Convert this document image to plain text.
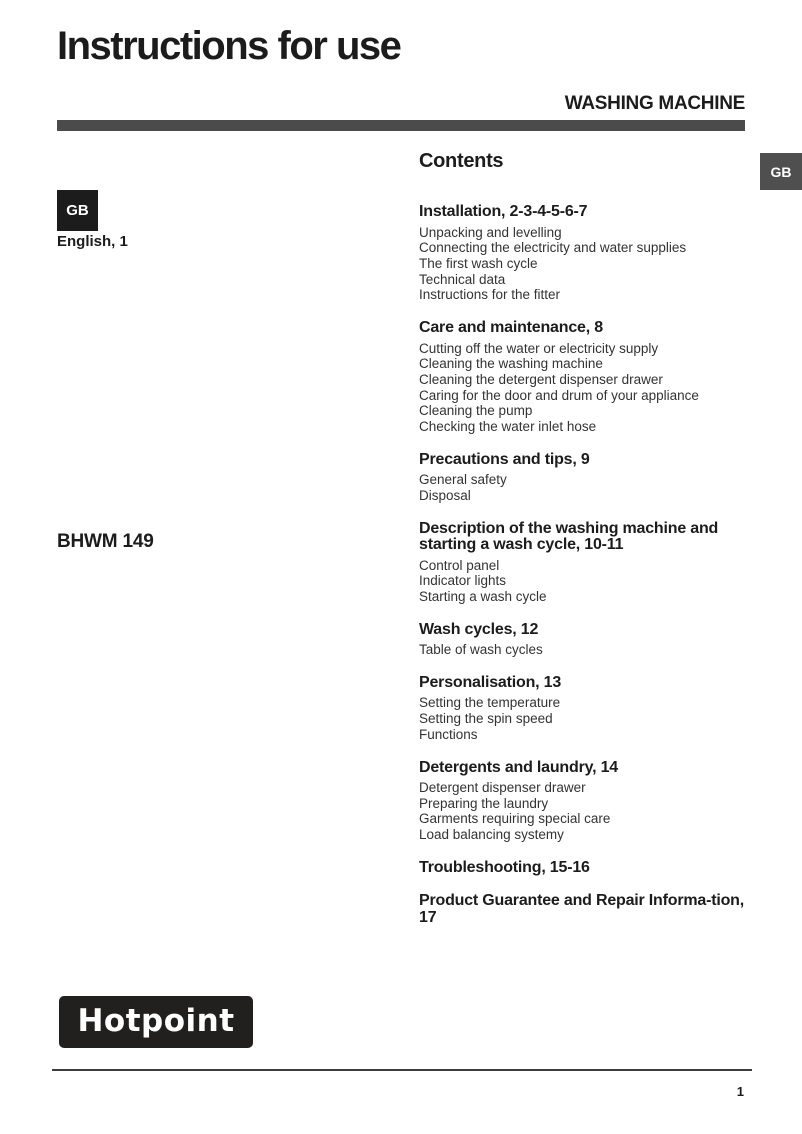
Instructions for use
WASHING MACHINE
GB
GB
English, 1
BHWM 149
Contents
Installation, 2-3-4-5-6-7
Unpacking and levelling
Connecting the electricity and water supplies
The first wash cycle
Technical data
Instructions for the fitter
Care and maintenance, 8
Cutting off the water or electricity supply
Cleaning the washing machine
Cleaning the detergent dispenser drawer
Caring for the door and drum of your appliance
Cleaning the pump
Checking the water inlet hose
Precautions and tips, 9
General safety
Disposal
Description of the washing machine and starting a wash cycle, 10-11
Control panel
Indicator lights
Starting a wash cycle
Wash cycles, 12
Table of wash cycles
Personalisation, 13
Setting the temperature
Setting the spin speed
Functions
Detergents and laundry, 14
Detergent dispenser drawer
Preparing the laundry
Garments requiring special care
Load balancing systemy
Troubleshooting, 15-16
Product Guarantee and Repair Informa-tion, 17
Hotpoint
1
